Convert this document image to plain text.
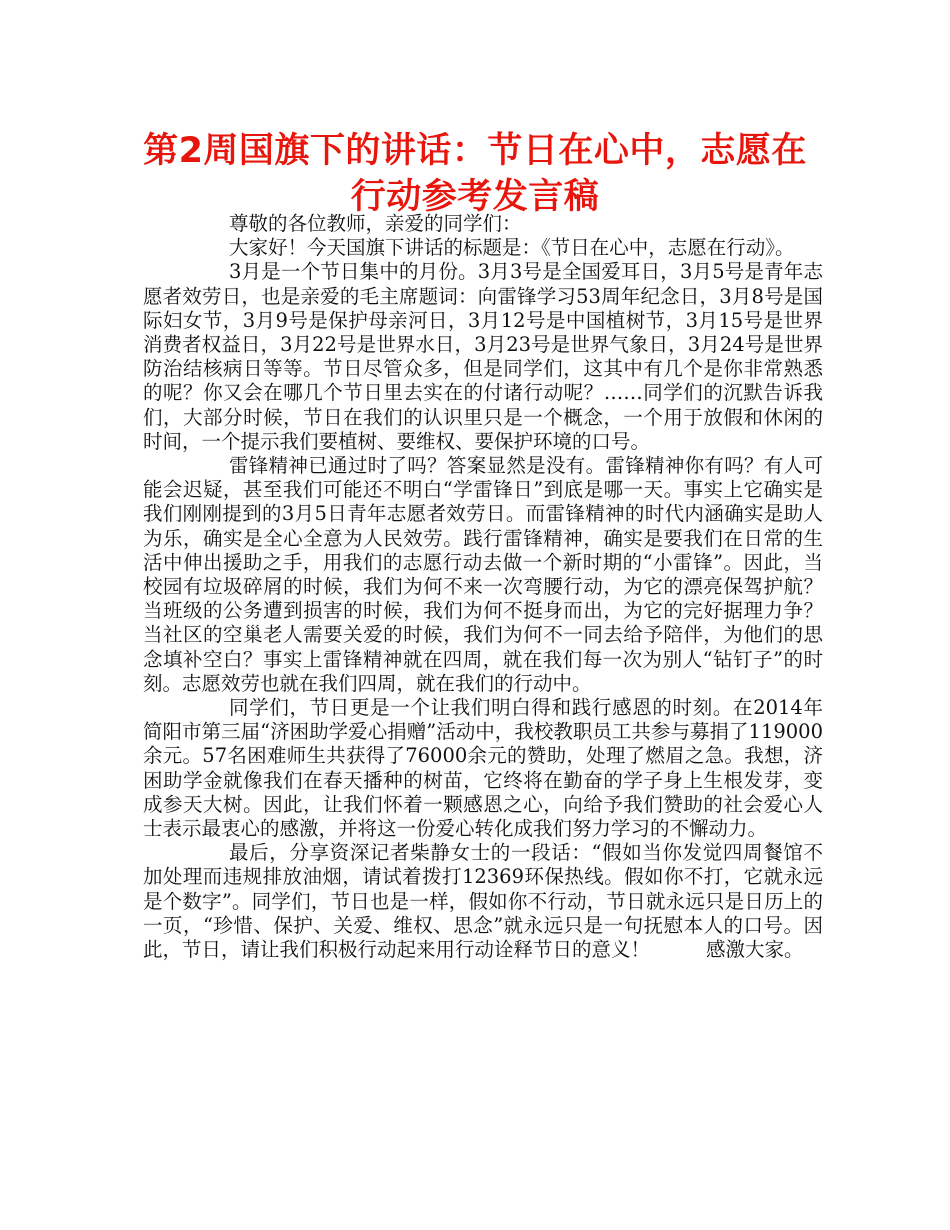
第2周国旗下的讲话：节日在心中，志愿在行动参考发言稿

尊敬的各位教师，亲爱的同学们：

大家好！今天国旗下讲话的标题是：《节日在心中，志愿在行动》。

3月是一个节日集中的月份。3月3号是全国爱耳日，3月5号是青年志愿者效劳日，也是亲爱的毛主席题词：向雷锋学习53周年纪念日，3月8号是国际妇女节，3月9号是保护母亲河日，3月12号是中国植树节，3月15号是世界消费者权益日，3月22号是世界水日，3月23号是世界气象日，3月24号是世界防治结核病日等等。节日尽管众多，但是同学们，这其中有几个是你非常熟悉的呢？你又会在哪几个节日里去实在的付诸行动呢？……同学们的沉默告诉我们，大部分时候，节日在我们的认识里只是一个概念，一个用于放假和休闲的时间，一个提示我们要植树、要维权、要保护环境的口号。

雷锋精神已通过时了吗？答案显然是没有。雷锋精神你有吗？有人可能会迟疑，甚至我们可能还不明白“学雷锋日”到底是哪一天。事实上它确实是我们刚刚提到的3月5日青年志愿者效劳日。而雷锋精神的时代内涵确实是助人为乐，确实是全心全意为人民效劳。践行雷锋精神，确实是要我们在日常的生活中伸出援助之手，用我们的志愿行动去做一个新时期的“小雷锋”。因此，当校园有垃圾碎屑的时候，我们为何不来一次弯腰行动，为它的漂亮保驾护航？当班级的公务遭到损害的时候，我们为何不挺身而出，为它的完好据理力争？当社区的空巢老人需要关爱的时候，我们为何不一同去给予陪伴，为他们的思念填补空白？事实上雷锋精神就在四周，就在我们每一次为别人“钻钉子”的时刻。志愿效劳也就在我们四周，就在我们的行动中。

同学们，节日更是一个让我们明白得和践行感恩的时刻。在2014年简阳市第三届“济困助学爱心捐赠”活动中，我校教职员工共参与募捐了119000余元。57名困难师生共获得了76000余元的赞助，处理了燃眉之急。我想，济困助学金就像我们在春天播种的树苗，它终将在勤奋的学子身上生根发芽，变成参天大树。因此，让我们怀着一颗感恩之心，向给予我们赞助的社会爱心人士表示最衷心的感激，并将这一份爱心转化成我们努力学习的不懈动力。

最后，分享资深记者柴静女士的一段话：“假如当你发觉四周餐馆不加处理而违规排放油烟，请试着拨打12369环保热线。假如你不打，它就永远是个数字”。同学们，节日也是一样，假如你不行动，节日就永远只是日历上的一页，“珍惜、保护、关爱、维权、思念”就永远只是一句抚慰本人的口号。因此，节日，请让我们积极行动起来用行动诠释节日的意义！	感激大家。
